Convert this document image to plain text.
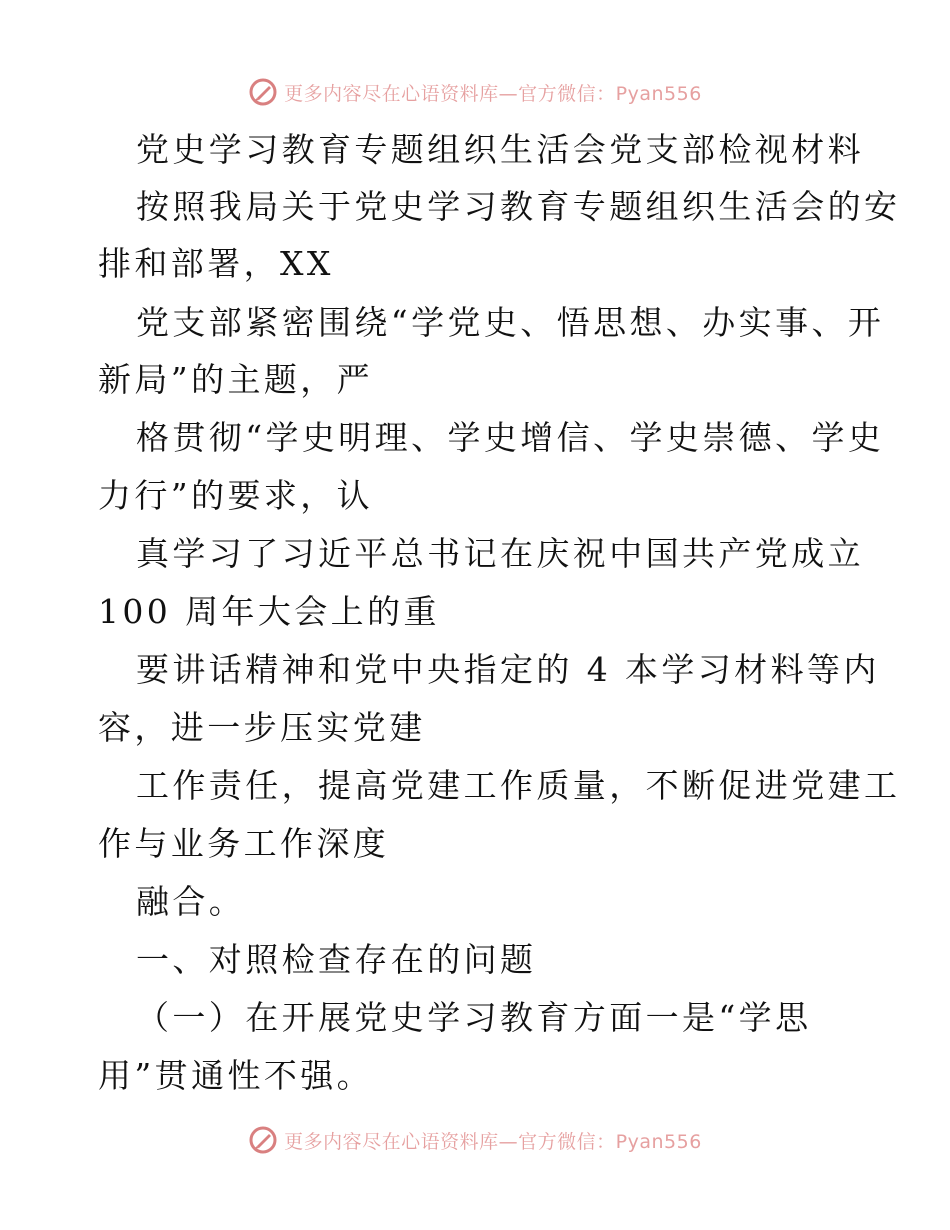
更多内容尽在心语资料库—官方微信：Pyan556
党史学习教育专题组织生活会党支部检视材料
按照我局关于党史学习教育专题组织生活会的安
排和部署，XX
党支部紧密围绕“学党史、悟思想、办实事、开
新局”的主题，严
格贯彻“学史明理、学史增信、学史崇德、学史
力行”的要求，认
真学习了习近平总书记在庆祝中国共产党成立
100 周年大会上的重
要讲话精神和党中央指定的 4 本学习材料等内
容，进一步压实党建
工作责任，提高党建工作质量，不断促进党建工
作与业务工作深度
融合。
一、对照检查存在的问题
（一）在开展党史学习教育方面一是“学思
用”贯通性不强。
更多内容尽在心语资料库—官方微信：Pyan556
